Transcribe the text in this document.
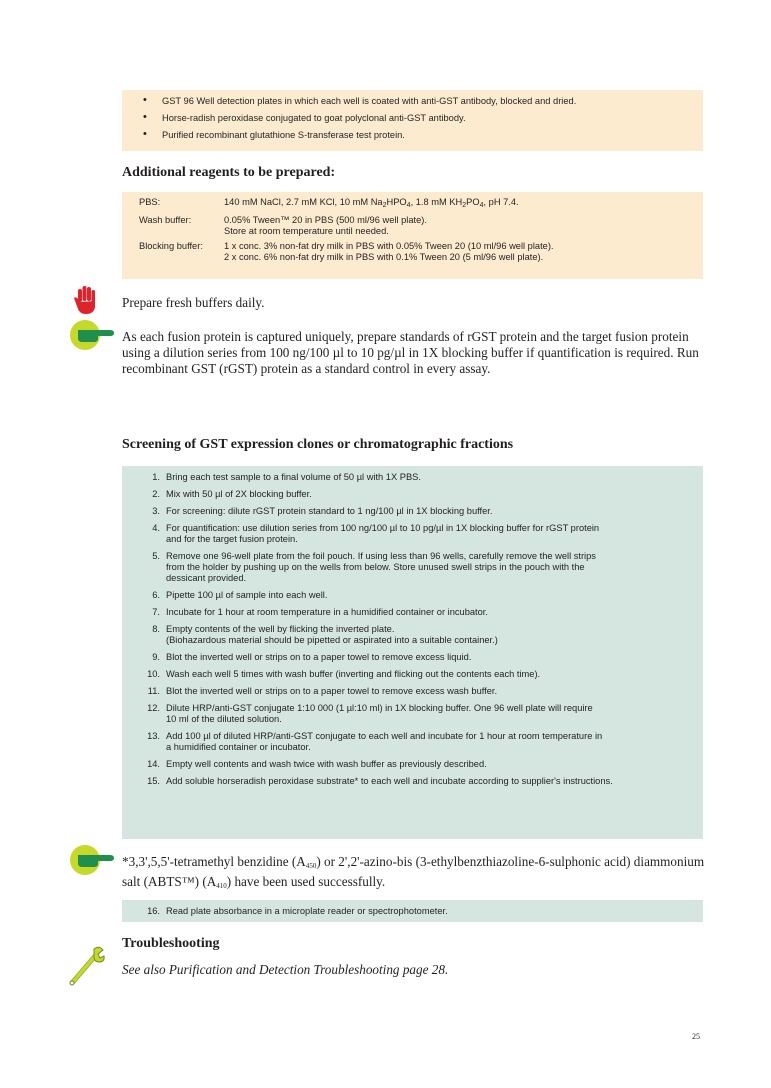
• GST 96 Well detection plates in which each well is coated with anti-GST antibody, blocked and dried.
• Horse-radish peroxidase conjugated to goat polyclonal anti-GST antibody.
• Purified recombinant glutathione S-transferase test protein.
Additional reagents to be prepared:
PBS:	140 mM NaCl, 2.7 mM KCl, 10 mM $Na_2HPO_4$, 1.8 mM $KH_2PO_4$, pH 7.4.
Wash buffer:	0.05% Tween™ 20 in PBS (500 ml/96 well plate).
Store at room temperature until needed.
Blocking buffer:	1 x conc. 3% non-fat dry milk in PBS with 0.05% Tween 20 (10 ml/96 well plate).
2 x conc. 6% non-fat dry milk in PBS with 0.1% Tween 20 (5 ml/96 well plate).

Prepare fresh buffers daily.

As each fusion protein is captured uniquely, prepare standards of rGST protein and the target fusion protein using a dilution series from 100 ng/100 µl to 10 pg/µl in 1X blocking buffer if quantification is required. Run recombinant GST (rGST) protein as a standard control in every assay.

Screening of GST expression clones or chromatographic fractions
1. Bring each test sample to a final volume of 50 µl with 1X PBS.
2. Mix with 50 µl of 2X blocking buffer.
3. For screening: dilute rGST protein standard to 1 ng/100 µl in 1X blocking buffer.
4. For quantification: use dilution series from 100 ng/100 µl to 10 pg/µl in 1X blocking buffer for rGST protein
and for the target fusion protein.
5. Remove one 96-well plate from the foil pouch. If using less than 96 wells, carefully remove the well strips
from the holder by pushing up on the wells from below. Store unused swell strips in the pouch with the
dessicant provided.
6. Pipette 100 µl of sample into each well.
7. Incubate for 1 hour at room temperature in a humidified container or incubator.
8. Empty contents of the well by flicking the inverted plate.
(Biohazardous material should be pipetted or aspirated into a suitable container.)
9. Blot the inverted well or strips on to a paper towel to remove excess liquid.
10. Wash each well 5 times with wash buffer (inverting and flicking out the contents each time).
11. Blot the inverted well or strips on to a paper towel to remove excess wash buffer.
12. Dilute HRP/anti-GST conjugate 1:10 000 (1 µl:10 ml) in 1X blocking buffer. One 96 well plate will require
10 ml of the diluted solution.
13. Add 100 µl of diluted HRP/anti-GST conjugate to each well and incubate for 1 hour at room temperature in
a humidified container or incubator.
14. Empty well contents and wash twice with wash buffer as previously described.
15. Add soluble horseradish peroxidase substrate* to each well and incubate according to supplier's instructions.

*3,3',5,5'-tetramethyl benzidine $(A_{450})$ or 2',2'-azino-bis (3-ethylbenzthiazoline-6-sulphonic acid) diammonium salt (ABTS™) $(A_{410})$ have been used successfully.

16. Read plate absorbance in a microplate reader or spectrophotometer.
Troubleshooting

See also Purification and Detection Troubleshooting page 28.

25
